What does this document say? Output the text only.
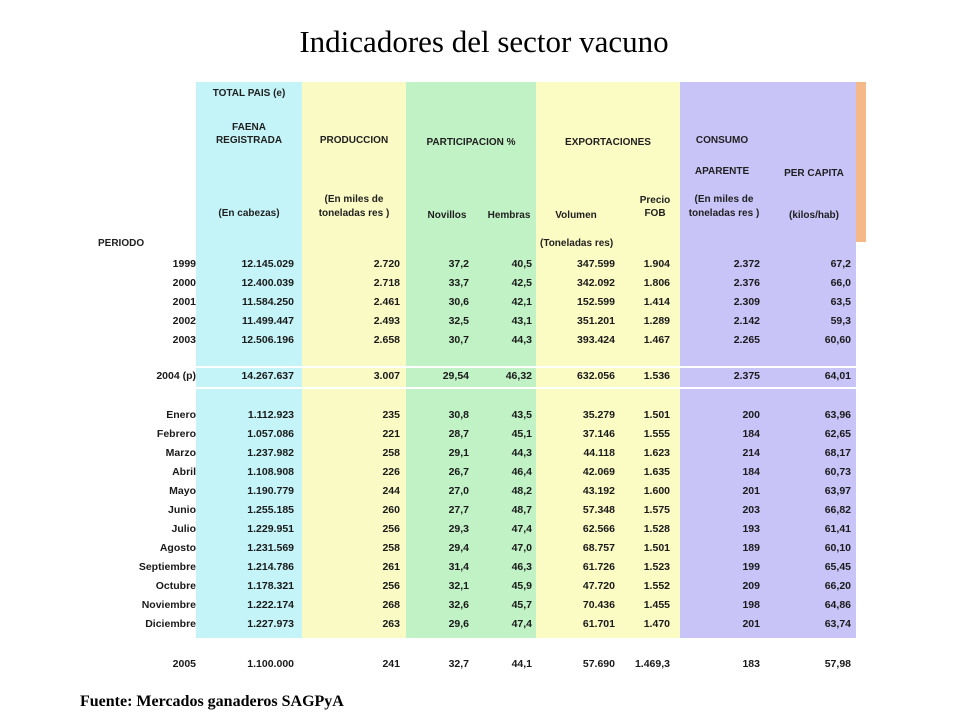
Indicadores del sector vacuno
TOTAL PAIS (e)
FAENA
REGISTRADA
(En cabezas)
PRODUCCION
(En miles de
toneladas res )
PARTICIPACION %
Novillos	Hembras
EXPORTACIONES
Volumen
Precio
FOB
(Toneladas res)
CONSUMO
APARENTE
(En miles de
toneladas res )
PER CAPITA
(kilos/hab)
PERIODO
1999	12.145.029	2.720	37,2	40,5	347.599	1.904	2.372	67,2
2000	12.400.039	2.718	33,7	42,5	342.092	1.806	2.376	66,0
2001	11.584.250	2.461	30,6	42,1	152.599	1.414	2.309	63,5
2002	11.499.447	2.493	32,5	43,1	351.201	1.289	2.142	59,3
2003	12.506.196	2.658	30,7	44,3	393.424	1.467	2.265	60,60
2004 (p)	14.267.637	3.007	29,54	46,32	632.056	1.536	2.375	64,01
Enero	1.112.923	235	30,8	43,5	35.279	1.501	200	63,96
Febrero	1.057.086	221	28,7	45,1	37.146	1.555	184	62,65
Marzo	1.237.982	258	29,1	44,3	44.118	1.623	214	68,17
Abril	1.108.908	226	26,7	46,4	42.069	1.635	184	60,73
Mayo	1.190.779	244	27,0	48,2	43.192	1.600	201	63,97
Junio	1.255.185	260	27,7	48,7	57.348	1.575	203	66,82
Julio	1.229.951	256	29,3	47,4	62.566	1.528	193	61,41
Agosto	1.231.569	258	29,4	47,0	68.757	1.501	189	60,10
Septiembre	1.214.786	261	31,4	46,3	61.726	1.523	199	65,45
Octubre	1.178.321	256	32,1	45,9	47.720	1.552	209	66,20
Noviembre	1.222.174	268	32,6	45,7	70.436	1.455	198	64,86
Diciembre	1.227.973	263	29,6	47,4	61.701	1.470	201	63,74
2005	1.100.000	241	32,7	44,1	57.690 1.469,3	183	57,98
Fuente: Mercados ganaderos SAGPyA
